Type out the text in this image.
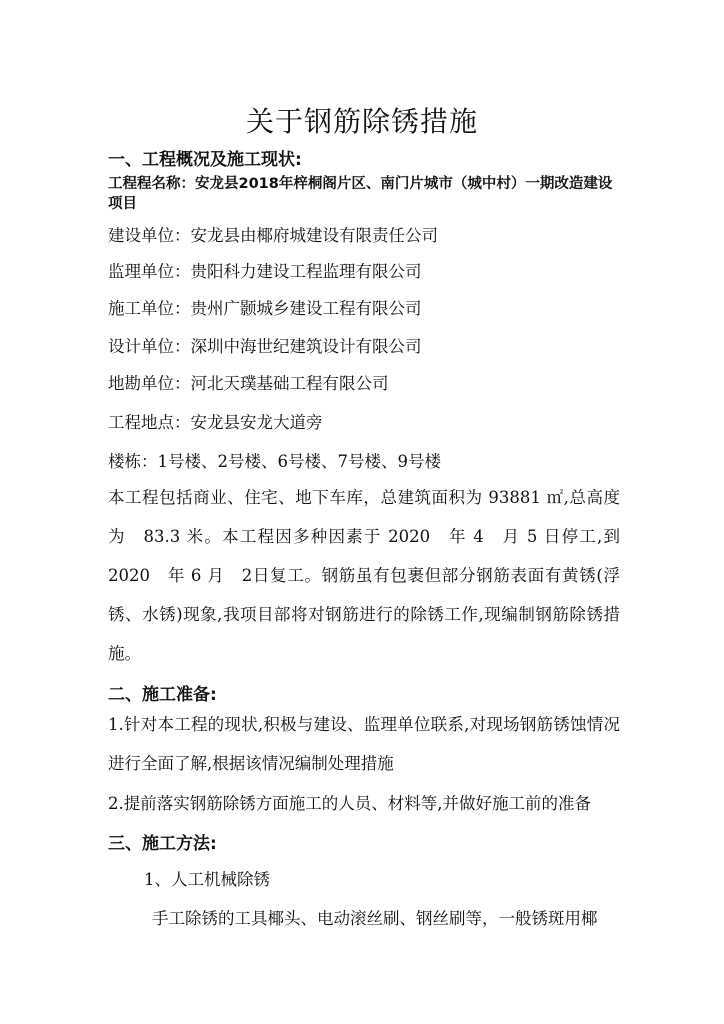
关于钢筋除锈措施
一、工程概况及施工现状:
工程程名称：安龙县2018年梓桐阁片区、南门片城市（城中村）一期改造建设项目
建设单位：安龙县由椰府城建设有限责任公司
监理单位：贵阳科力建设工程监理有限公司
施工单位：贵州广颢城乡建设工程有限公司
设计单位：深圳中海世纪建筑设计有限公司
地勘单位：河北天璞基础工程有限公司
工程地点：安龙县安龙大道旁
楼栋：1号楼、2号楼、6号楼、7号楼、9号楼
本工程包括商业、住宅、地下车库，总建筑面积为 93881 ㎡,总高度为　83.3 米。本工程因多种因素于 2020　年 4　月 5 日停工,到 2020　年 6 月　2日复工。钢筋虽有包裹但部分钢筋表面有黄锈(浮锈、水锈)现象,我项目部将对钢筋进行的除锈工作,现编制钢筋除锈措施。
二、施工准备:
1.针对本工程的现状,积极与建设、监理单位联系,对现场钢筋锈蚀情况进行全面了解,根据该情况编制处理措施
2.提前落实钢筋除锈方面施工的人员、材料等,并做好施工前的准备
三、施工方法:
1、人工机械除锈
手工除锈的工具椰头、电动滚丝刷、钢丝刷等，一般锈斑用椰
